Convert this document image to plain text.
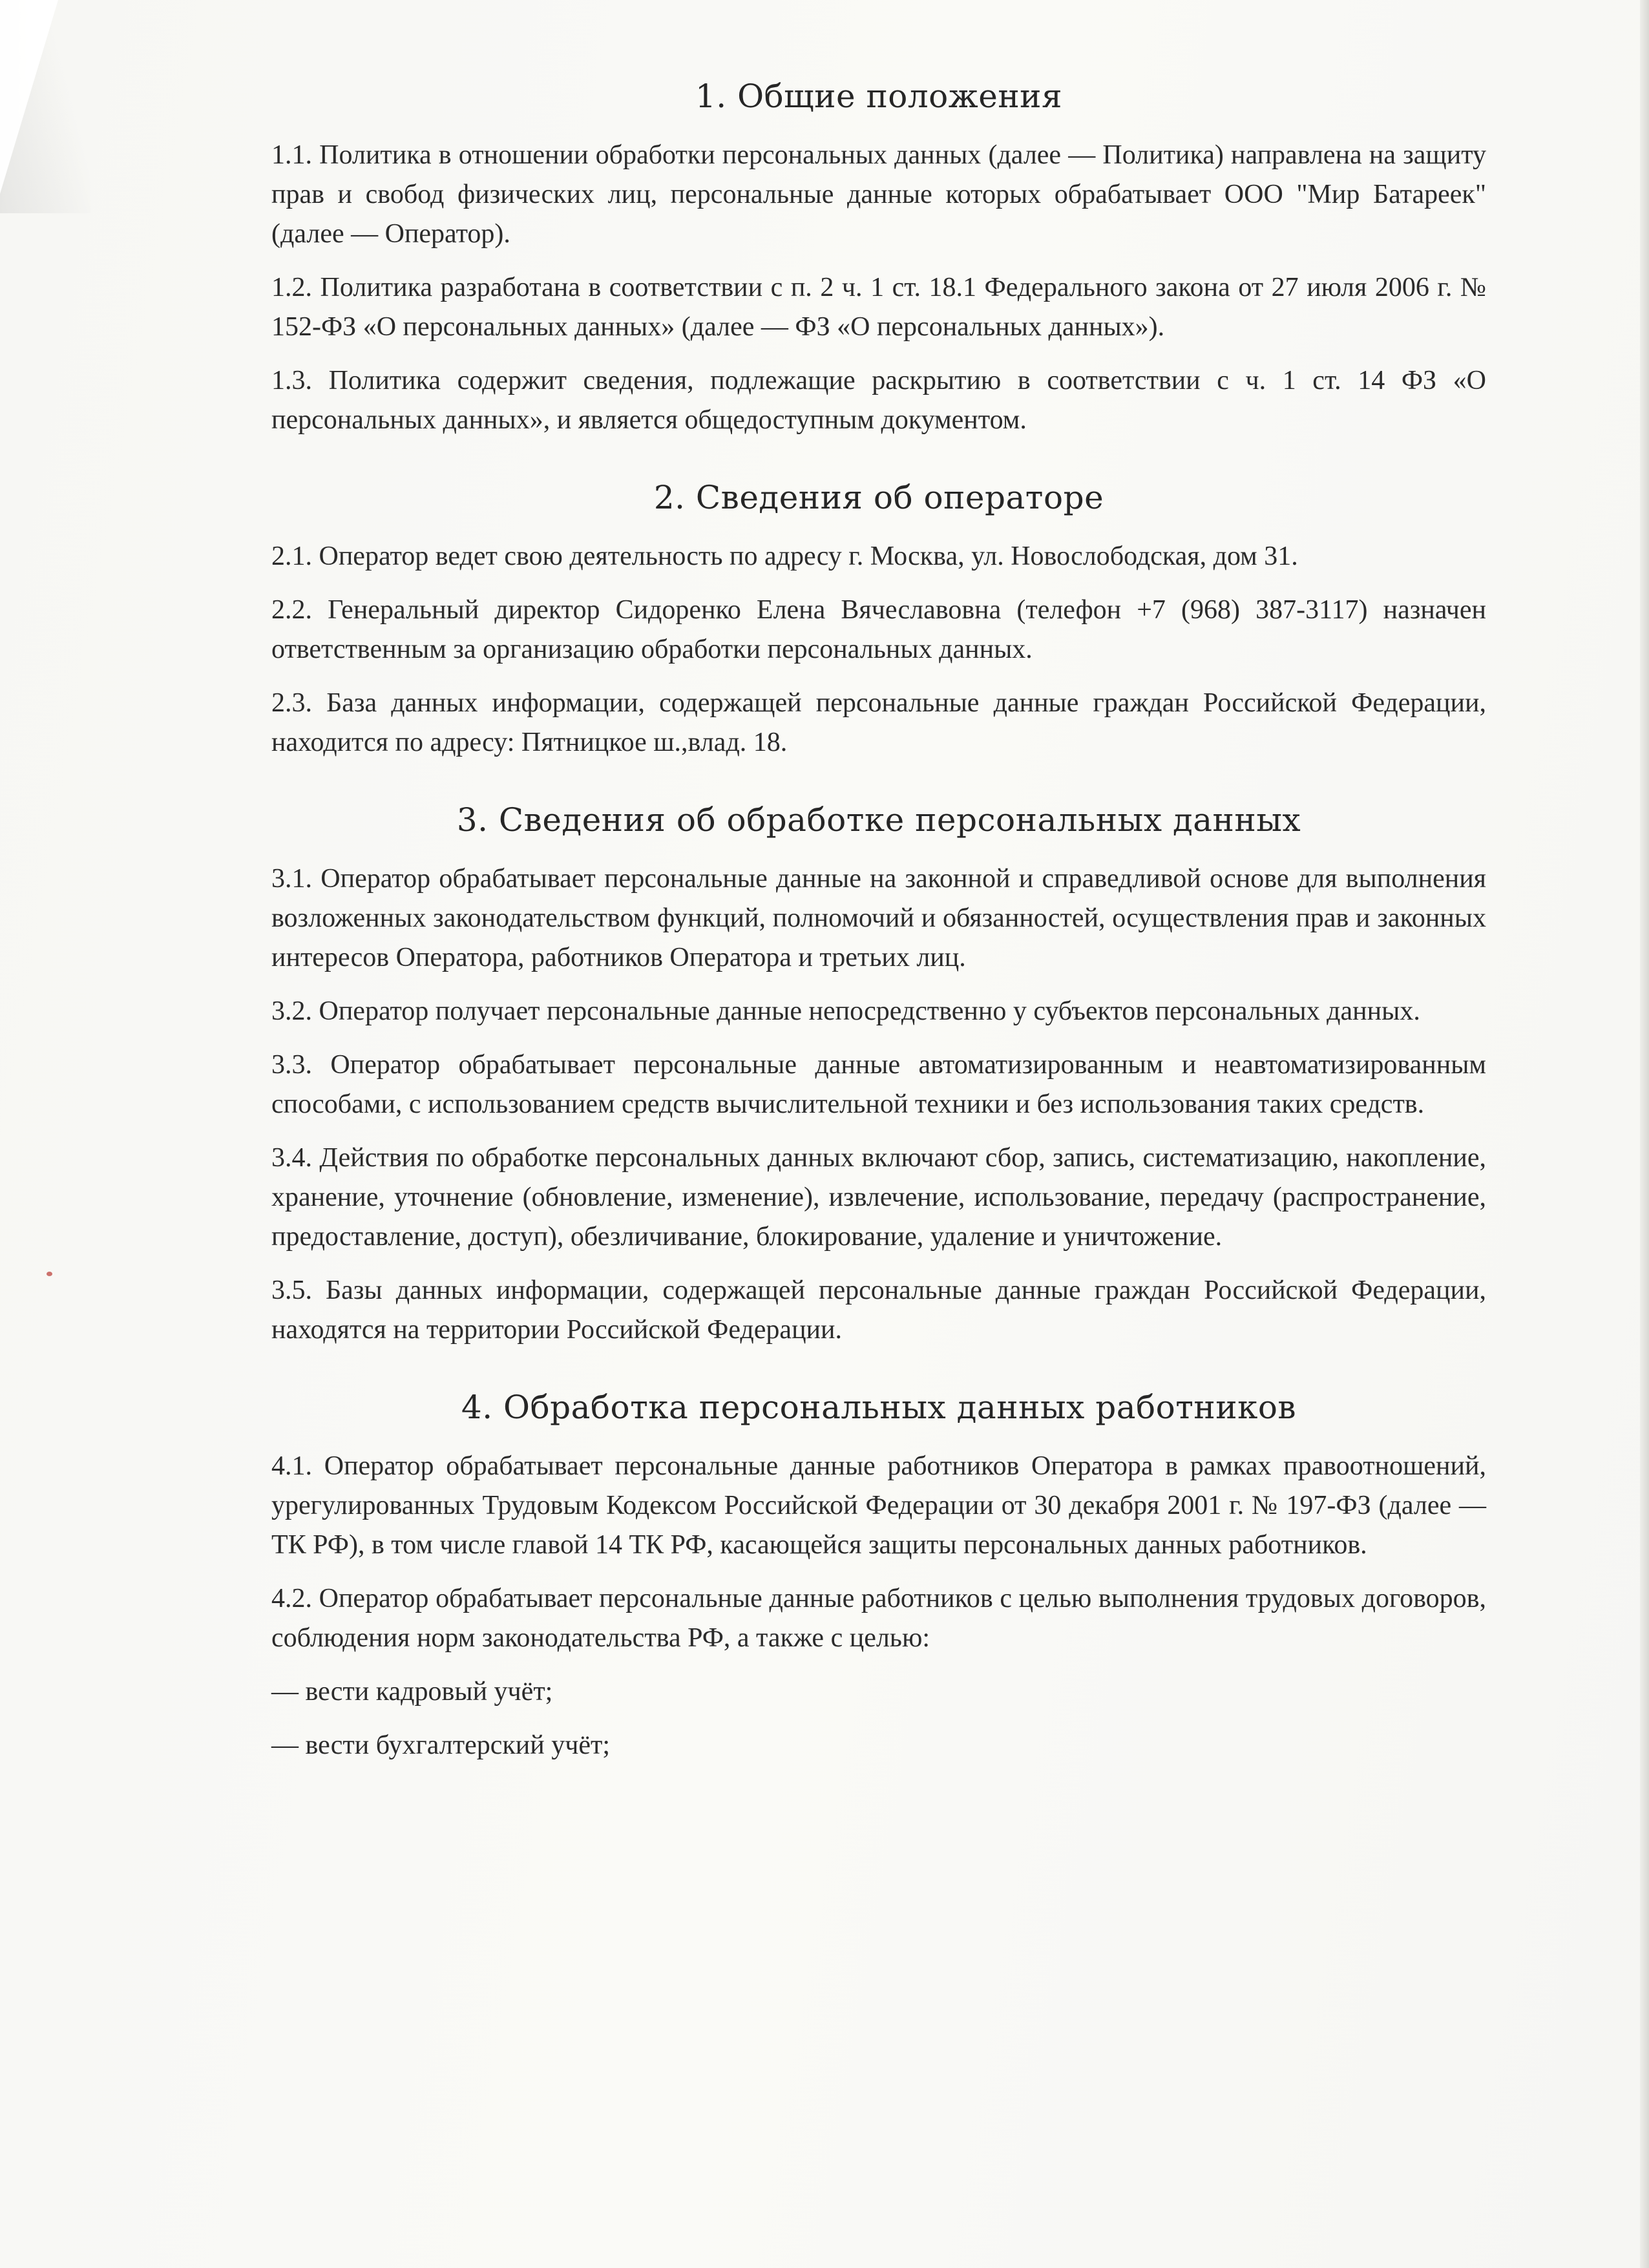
1. Общие положения

1.1. Политика в отношении обработки персональных данных (далее — Политика) направлена на защиту прав и свобод физических лиц, персональные данные которых обрабатывает ООО "Мир Батареек" (далее — Оператор).

1.2. Политика разработана в соответствии с п. 2 ч. 1 ст. 18.1 Федерального закона от 27 июля 2006 г. № 152-ФЗ «О персональных данных» (далее — ФЗ «О персональных данных»).

1.3. Политика содержит сведения, подлежащие раскрытию в соответствии с ч. 1 ст. 14 ФЗ «О персональных данных», и является общедоступным документом.

2. Сведения об операторе

2.1. Оператор ведет свою деятельность по адресу г. Москва, ул. Новослободская, дом 31.

2.2. Генеральный директор Сидоренко Елена Вячеславовна (телефон +7 (968) 387-3117) назначен ответственным за организацию обработки персональных данных.

2.3. База данных информации, содержащей персональные данные граждан Российской Федерации, находится по адресу: Пятницкое ш.,влад. 18.

3. Сведения об обработке персональных данных

3.1. Оператор обрабатывает персональные данные на законной и справедливой основе для выполнения возложенных законодательством функций, полномочий и обязанностей, осуществления прав и законных интересов Оператора, работников Оператора и третьих лиц.

3.2. Оператор получает персональные данные непосредственно у субъектов персональных данных.

3.3. Оператор обрабатывает персональные данные автоматизированным и неавтоматизированным способами, с использованием средств вычислительной техники и без использования таких средств.

3.4. Действия по обработке персональных данных включают сбор, запись, систематизацию, накопление, хранение, уточнение (обновление, изменение), извлечение, использование, передачу (распространение, предоставление, доступ), обезличивание, блокирование, удаление и уничтожение.

3.5. Базы данных информации, содержащей персональные данные граждан Российской Федерации, находятся на территории Российской Федерации.

4. Обработка персональных данных работников

4.1. Оператор обрабатывает персональные данные работников Оператора в рамках правоотношений, урегулированных Трудовым Кодексом Российской Федерации от 30 декабря 2001 г. № 197-ФЗ (далее — ТК РФ), в том числе главой 14 ТК РФ, касающейся защиты персональных данных работников.

4.2. Оператор обрабатывает персональные данные работников с целью выполнения трудовых договоров, соблюдения норм законодательства РФ, а также с целью:

— вести кадровый учёт;

— вести бухгалтерский учёт;
